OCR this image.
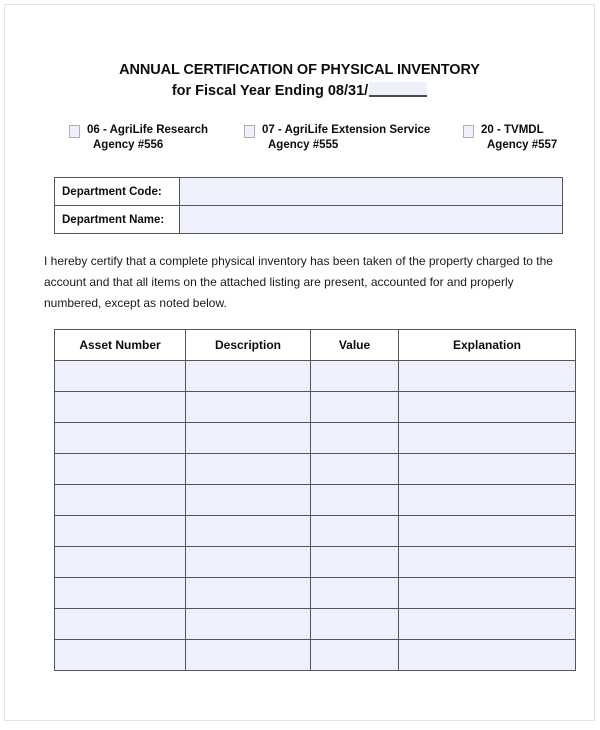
ANNUAL CERTIFICATION OF PHYSICAL INVENTORY
for Fiscal Year Ending 08/31/
06 - AgriLife Research
Agency #556
07 - AgriLife Extension Service
Agency #555
20 - TVMDL
Agency #557
Department Code:	
Department Name:	
I hereby certify that a complete physical inventory has been taken of the property charged to the account and that all items on the attached listing are present, accounted for and properly numbered, except as noted below.
Asset Number	Description	Value	Explanation
